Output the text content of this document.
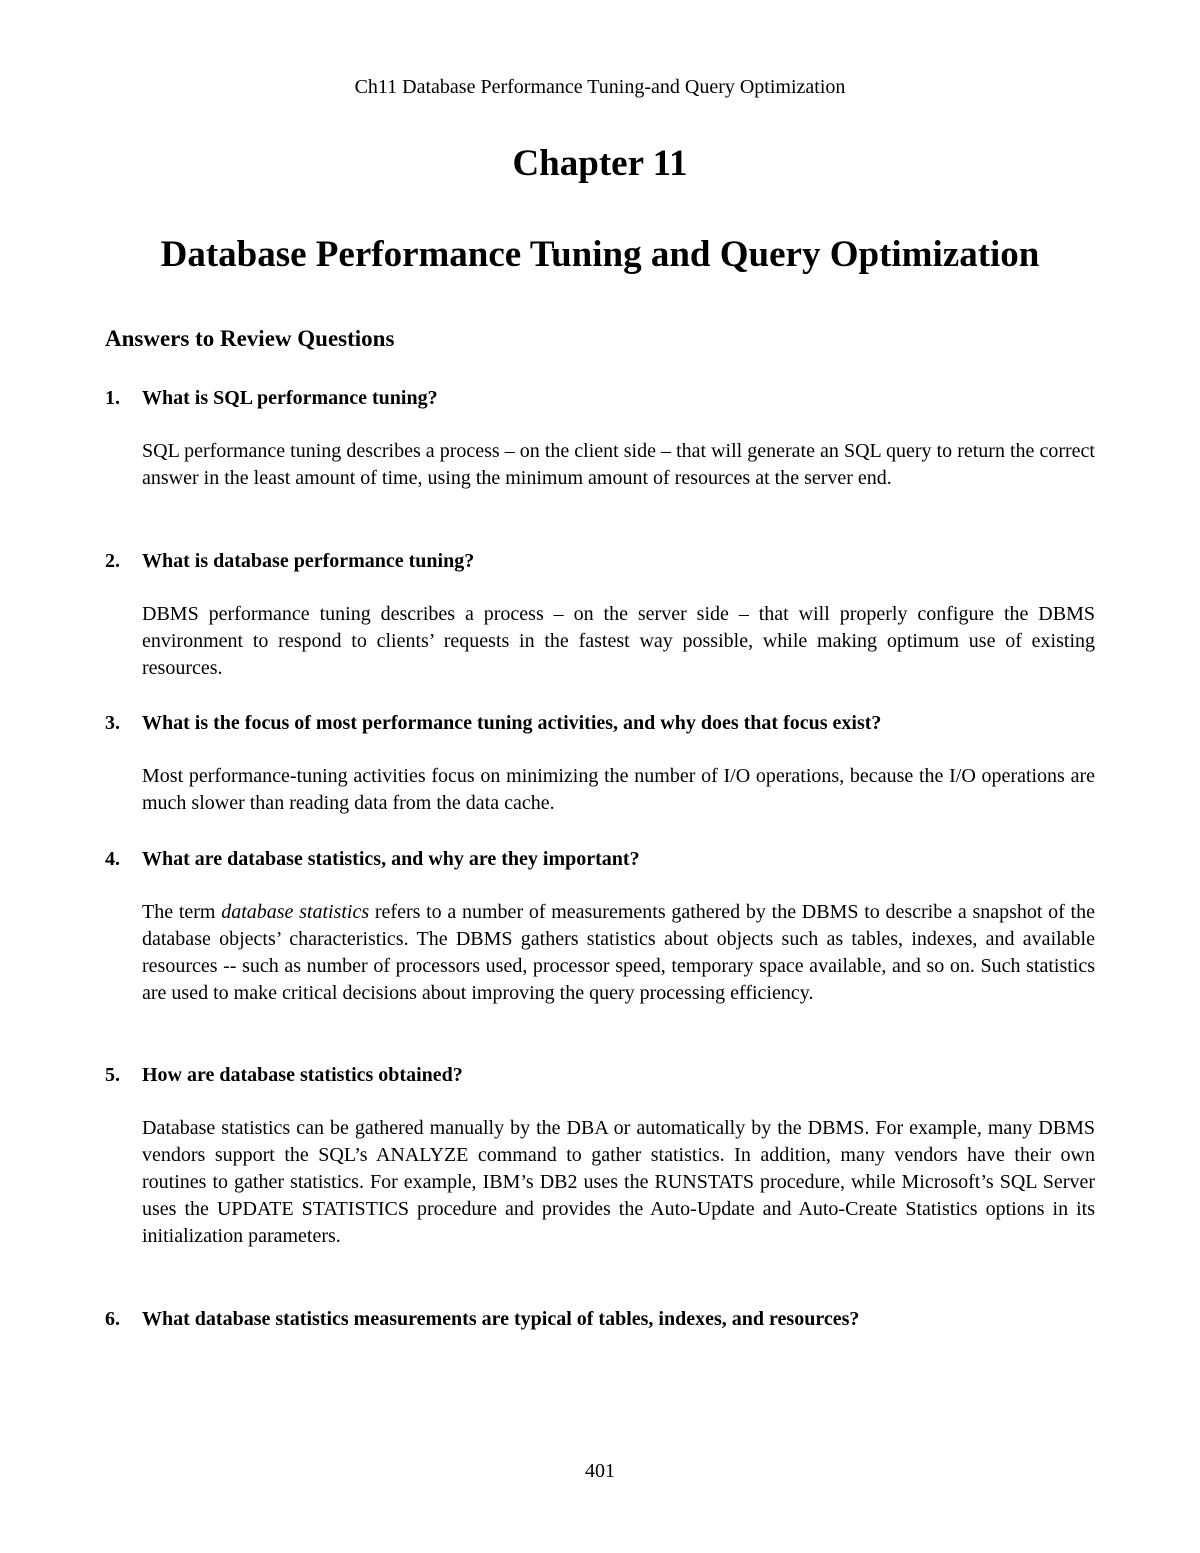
Ch11 Database Performance Tuning-and Query Optimization
Chapter 11
Database Performance Tuning and Query Optimization
Answers to Review Questions
1. What is SQL performance tuning?
SQL performance tuning describes a process – on the client side – that will generate an SQL query to return the correct answer in the least amount of time, using the minimum amount of resources at the server end.
2. What is database performance tuning?
DBMS performance tuning describes a process – on the server side – that will properly configure the DBMS environment to respond to clients’ requests in the fastest way possible, while making optimum use of existing resources.
3. What is the focus of most performance tuning activities, and why does that focus exist?
Most performance-tuning activities focus on minimizing the number of I/O operations, because the I/O operations are much slower than reading data from the data cache.
4. What are database statistics, and why are they important?
The term database statistics refers to a number of measurements gathered by the DBMS to describe a snapshot of the database objects’ characteristics. The DBMS gathers statistics about objects such as tables, indexes, and available resources -- such as number of processors used, processor speed, temporary space available, and so on. Such statistics are used to make critical decisions about improving the query processing efficiency.
5. How are database statistics obtained?
Database statistics can be gathered manually by the DBA or automatically by the DBMS. For example, many DBMS vendors support the SQL’s ANALYZE command to gather statistics. In addition, many vendors have their own routines to gather statistics. For example, IBM’s DB2 uses the RUNSTATS procedure, while Microsoft’s SQL Server uses the UPDATE STATISTICS procedure and provides the Auto-Update and Auto-Create Statistics options in its initialization parameters.
6. What database statistics measurements are typical of tables, indexes, and resources?
401
